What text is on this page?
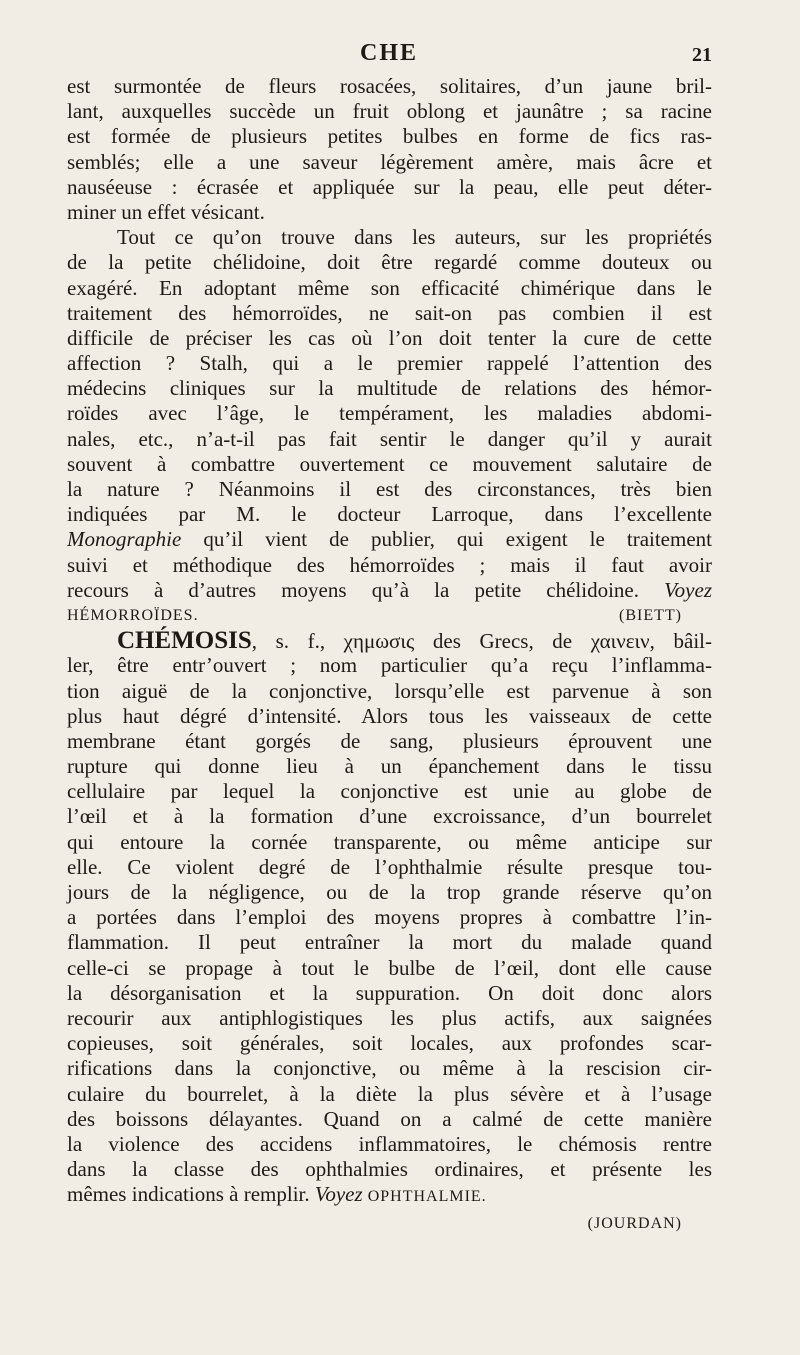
CHE	21
est surmontée de fleurs rosacées, solitaires, d’un jaune bril-
lant, auxquelles succède un fruit oblong et jaunâtre ; sa racine
est formée de plusieurs petites bulbes en forme de fics ras-
semblés; elle a une saveur légèrement amère, mais âcre et
nauséeuse : écrasée et appliquée sur la peau, elle peut déter-
miner un effet vésicant.
Tout ce qu’on trouve dans les auteurs, sur les propriétés
de la petite chélidoine, doit être regardé comme douteux ou
exagéré. En adoptant même son efficacité chimérique dans le
traitement des hémorroïdes, ne sait-on pas combien il est
difficile de préciser les cas où l’on doit tenter la cure de cette
affection ? Stalh, qui a le premier rappelé l’attention des
médecins cliniques sur la multitude de relations des hémor-
roïdes avec l’âge, le tempérament, les maladies abdomi-
nales, etc., n’a-t-il pas fait sentir le danger qu’il y aurait
souvent à combattre ouvertement ce mouvement salutaire de
la nature ? Néanmoins il est des circonstances, très bien
indiquées par M. le docteur Larroque, dans l’excellente
Monographie qu’il vient de publier, qui exigent le traitement
suivi et méthodique des hémorroïdes ; mais il faut avoir
recours à d’autres moyens qu’à la petite chélidoine. Voyez
HÉMORROÏDES.	(BIETT)
CHÉMOSIS, s. f., χημωσις des Grecs, de χαινειν, bâil-
ler, être entr’ouvert ; nom particulier qu’a reçu l’inflamma-
tion aiguë de la conjonctive, lorsqu’elle est parvenue à son
plus haut dégré d’intensité. Alors tous les vaisseaux de cette
membrane étant gorgés de sang, plusieurs éprouvent une
rupture qui donne lieu à un épanchement dans le tissu
cellulaire par lequel la conjonctive est unie au globe de
l’œil et à la formation d’une excroissance, d’un bourrelet
qui entoure la cornée transparente, ou même anticipe sur
elle. Ce violent degré de l’ophthalmie résulte presque tou-
jours de la négligence, ou de la trop grande réserve qu’on
a portées dans l’emploi des moyens propres à combattre l’in-
flammation. Il peut entraîner la mort du malade quand
celle-ci se propage à tout le bulbe de l’œil, dont elle cause
la désorganisation et la suppuration. On doit donc alors
recourir aux antiphlogistiques les plus actifs, aux saignées
copieuses, soit générales, soit locales, aux profondes scar-
rifications dans la conjonctive, ou même à la rescision cir-
culaire du bourrelet, à la diète la plus sévère et à l’usage
des boissons délayantes. Quand on a calmé de cette manière
la violence des accidens inflammatoires, le chémosis rentre
dans la classe des ophthalmies ordinaires, et présente les
mêmes indications à remplir. Voyez OPHTHALMIE.
(JOURDAN)
